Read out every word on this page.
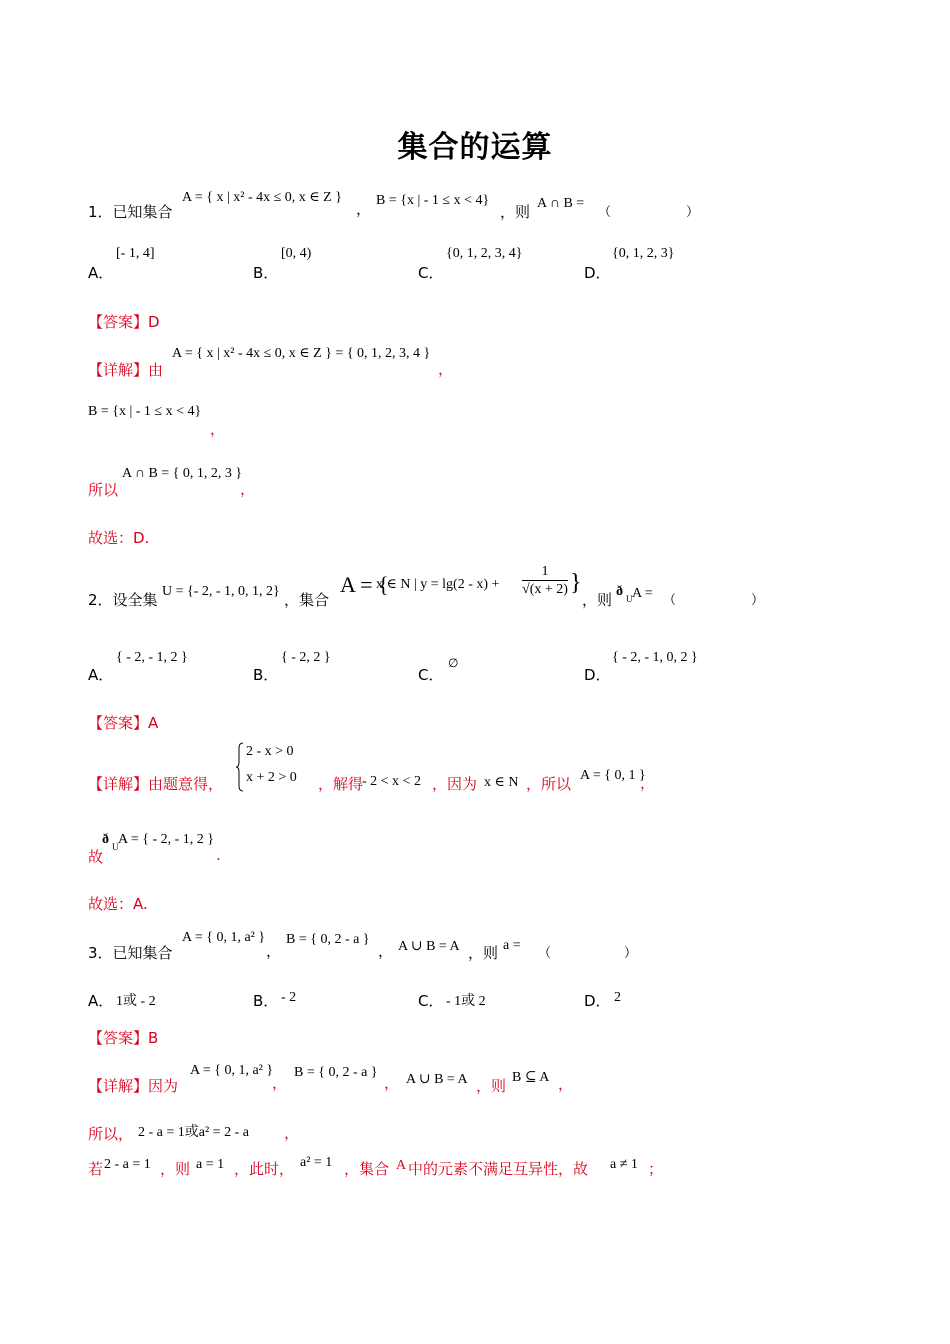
集合的运算
1．已知集合
A = { x | x² - 4x ≤ 0, x ∈ Z }
， B = {x | - 1 ≤ x < 4}
，则 A ∩ B =
（	）
A．
[- 1, 4]
B．
[0, 4)
C．
{0, 1, 2, 3, 4}
D．
{0, 1, 2, 3}
【答案】D
【详解】由
A = { x | x² - 4x ≤ 0, x ∈ Z } = { 0, 1, 2, 3, 4 }
，
B = {x | - 1 ≤ x < 4}
，
所以
A ∩ B = { 0, 1, 2, 3 }
，
故选：D.
2．设全集 U = {- 2, - 1, 0, 1, 2} ，集合
A = {
x ∈ N | $y = \lg(2 - x) + \frac{1}{√(x + 2)}$ }
，则 ð U A = （	）
A．
{ - 2, - 1, 2 }
B．
{ - 2, 2 }
C．
∅
D．
{ - 2, - 1, 0, 2 }
【答案】A
【详解】由题意得，
2 - x > 0
x + 2 > 0 ，解得
- 2 < x < 2 ，因为 x ∈ N ，所以 A = { 0, 1 }
，
故
ð U A = { - 2, - 1, 2 }
.
故选：A.
3．已知集合
A = { 0, 1, a² }
，
B = { 0, 2 - a }
， A ∪ B = A ，则 a =
（	）
A． 1或 - 2	B． - 2	C． - 1或 2	D． 2
【答案】B
【详解】因为
A = { 0, 1, a² }
，
B = { 0, 2 - a }
， A ∪ B = A ，则 B ⊆ A ，
所以， 2 - a = 1或a² = 2 - a ，
若 2 - a = 1 ，则 a = 1 ，此时， a² = 1 ，集合 A 中的元素不满足互异性，故 a ≠ 1 ；
